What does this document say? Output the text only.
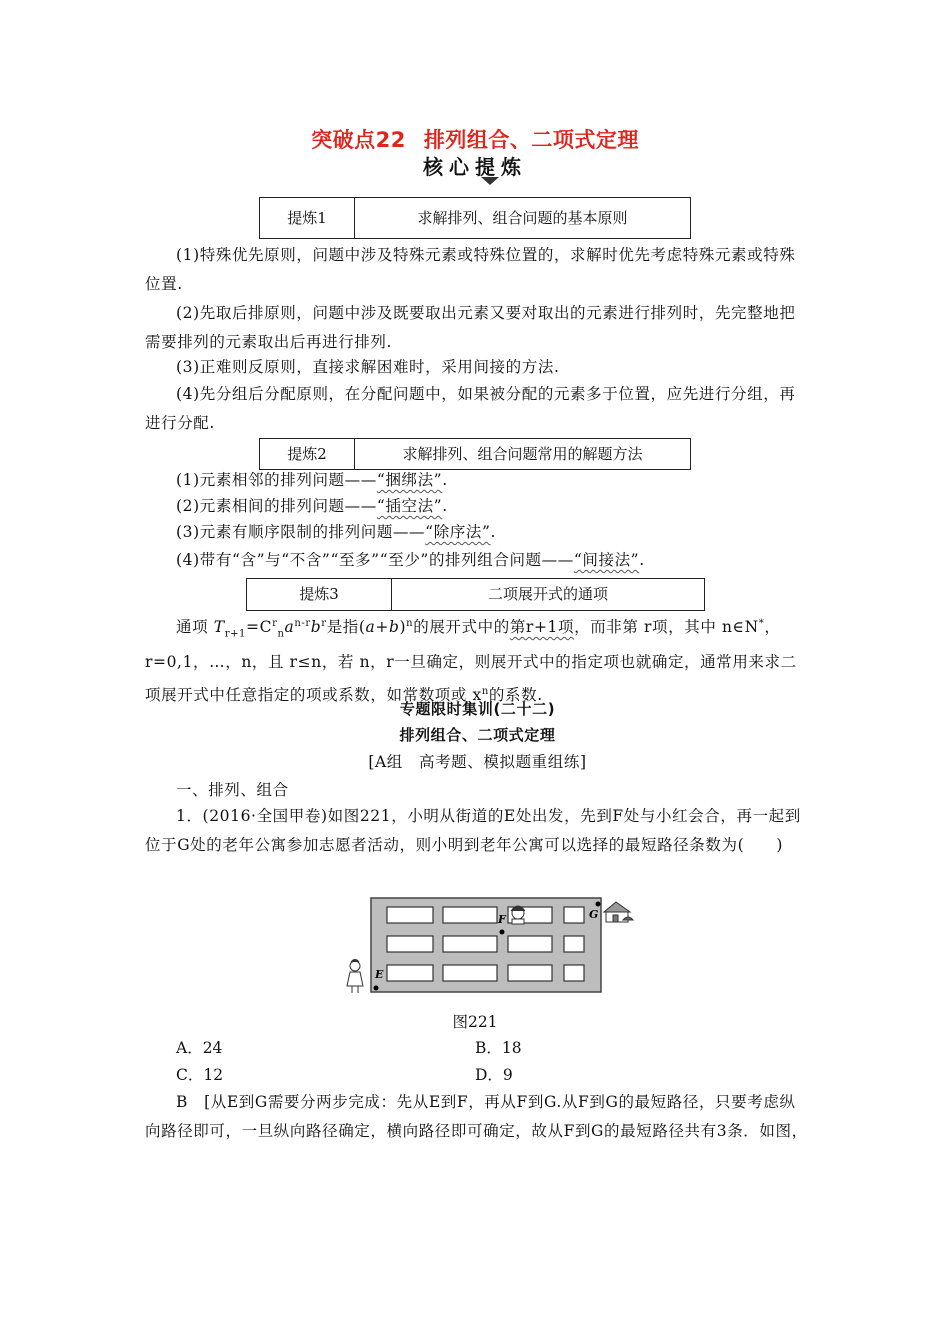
突破点22 排列组合、二项式定理
核心提炼
提炼1	求解排列、组合问题的基本原则
(1)特殊优先原则，问题中涉及特殊元素或特殊位置的，求解时优先考虑特殊元素或特殊位置.
(2)先取后排原则，问题中涉及既要取出元素又要对取出的元素进行排列时，先完整地把需要排列的元素取出后再进行排列.
(3)正难则反原则，直接求解困难时，采用间接的方法.
(4)先分组后分配原则，在分配问题中，如果被分配的元素多于位置，应先进行分组，再进行分配.
提炼2	求解排列、组合问题常用的解题方法
(1)元素相邻的排列问题——“捆绑法”.
(2)元素相间的排列问题——“插空法”.
(3)元素有顺序限制的排列问题——“除序法”.
(4)带有“含”与“不含”“至多”“至少”的排列组合问题——“间接法”.
提炼3	二项展开式的通项
通项 $T_{r+1}=C^r_na^{n-r}b^r$是指$(a+b)^n$的展开式中的第r+1项，而非第 r项，其中 n∈N*，r=0,1，…，n，且 r≤n，若 n，r一旦确定，则展开式中的指定项也就确定，通常用来求二项展开式中任意指定的项或系数，如常数项或 $x^n$的系数.
专题限时集训(二十二)
排列组合、二项式定理
[A组　高考题、模拟题重组练]
一、排列、组合
1．(2016·全国甲卷)如图221，小明从街道的E处出发，先到F处与小红会合，再一起到位于G处的老年公寓参加志愿者活动，则小明到老年公寓可以选择的最短路径条数为(　　)
E
F	G
图221
A．24	B．18
C．12	D．9
B　[从E到G需要分两步完成：先从E到F，再从F到G.从F到G的最短路径，只要考虑纵向路径即可，一旦纵向路径确定，横向路径即可确定，故从F到G的最短路径共有3条．如图，
